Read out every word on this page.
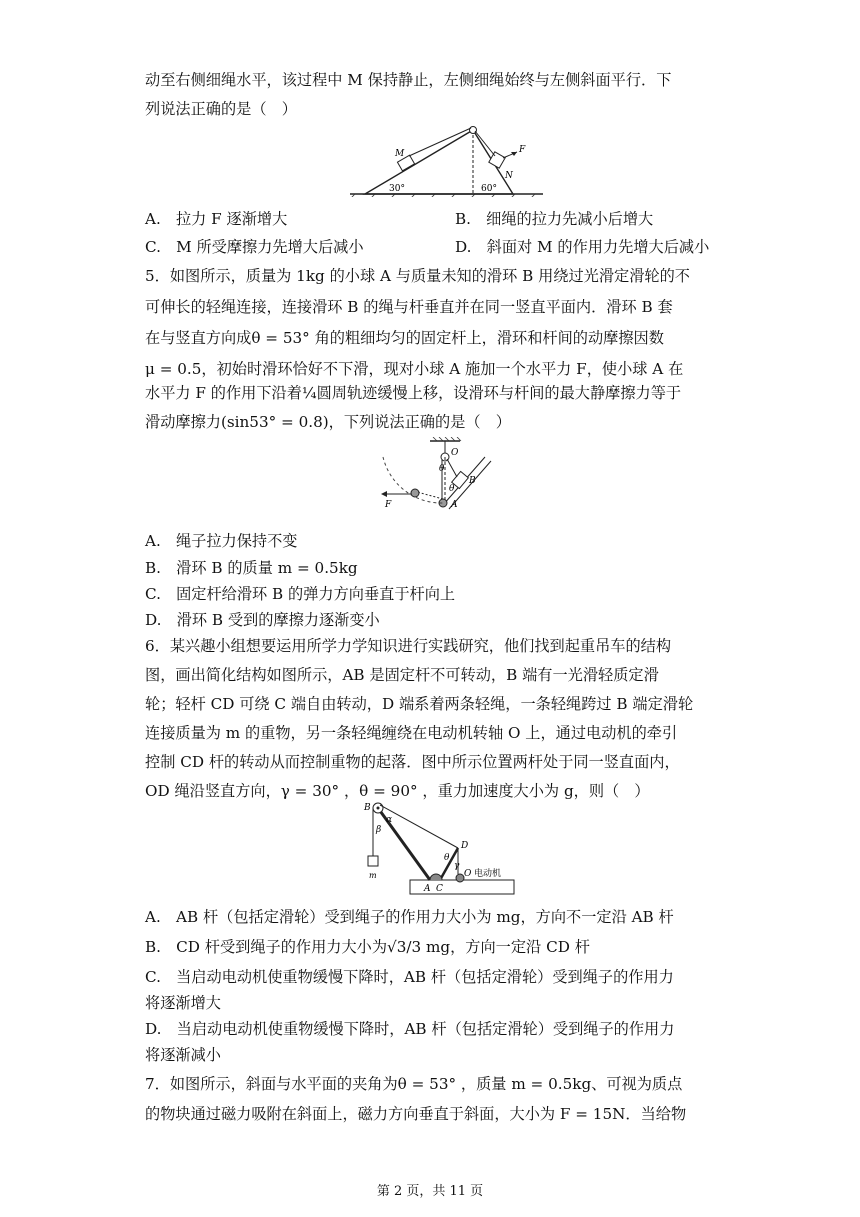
动至右侧细绳水平，该过程中 M 保持静止，左侧细绳始终与左侧斜面平行．下
列说法正确的是（　）
M
N
F
30°	60°
A.　拉力 F 逐渐增大	B.　细绳的拉力先减小后增大
C.　M 所受摩擦力先增大后减小	D.　斜面对 M 的作用力先增大后减小
5．如图所示，质量为 1kg 的小球 A 与质量未知的滑环 B 用绕过光滑定滑轮的不
可伸长的轻绳连接，连接滑环 B 的绳与杆垂直并在同一竖直平面内．滑环 B 套
在与竖直方向成θ = 53° 角的粗细均匀的固定杆上，滑环和杆间的动摩擦因数
μ = 0.5，初始时滑环恰好不下滑，现对小球 A 施加一个水平力 F，使小球 A 在
水平力 F 的作用下沿着¼圆周轨迹缓慢上移，设滑环与杆间的最大静摩擦力等于
滑动摩擦力(sin53° = 0.8)，下列说法正确的是（　）
O
θ
θ
B
A
F
A.　绳子拉力保持不变
B.　滑环 B 的质量 m = 0.5kg
C.　固定杆给滑环 B 的弹力方向垂直于杆向上
D.　滑环 B 受到的摩擦力逐渐变小
6．某兴趣小组想要运用所学力学知识进行实践研究，他们找到起重吊车的结构
图，画出简化结构如图所示，AB 是固定杆不可转动，B 端有一光滑轻质定滑
轮；轻杆 CD 可绕 C 端自由转动，D 端系着两条轻绳，一条轻绳跨过 B 端定滑轮
连接质量为 m 的重物，另一条轻绳缠绕在电动机转轴 O 上，通过电动机的牵引
控制 CD 杆的转动从而控制重物的起落．图中所示位置两杆处于同一竖直面内，
OD 绳沿竖直方向，γ = 30° ，θ = 90° ，重力加速度大小为 g，则（　）
B
α
β
D
θ
γ
O 电动机
m
A C
A.　AB 杆（包括定滑轮）受到绳子的作用力大小为 mg，方向不一定沿 AB 杆
B.　CD 杆受到绳子的作用力大小为√3/3 mg，方向一定沿 CD 杆
C.　当启动电动机使重物缓慢下降时，AB 杆（包括定滑轮）受到绳子的作用力
将逐渐增大
D.　当启动电动机使重物缓慢下降时，AB 杆（包括定滑轮）受到绳子的作用力
将逐渐减小
7．如图所示，斜面与水平面的夹角为θ = 53° ，质量 m = 0.5kg、可视为质点
的物块通过磁力吸附在斜面上，磁力方向垂直于斜面，大小为 F = 15N．当给物
第 2 页，共 11 页
